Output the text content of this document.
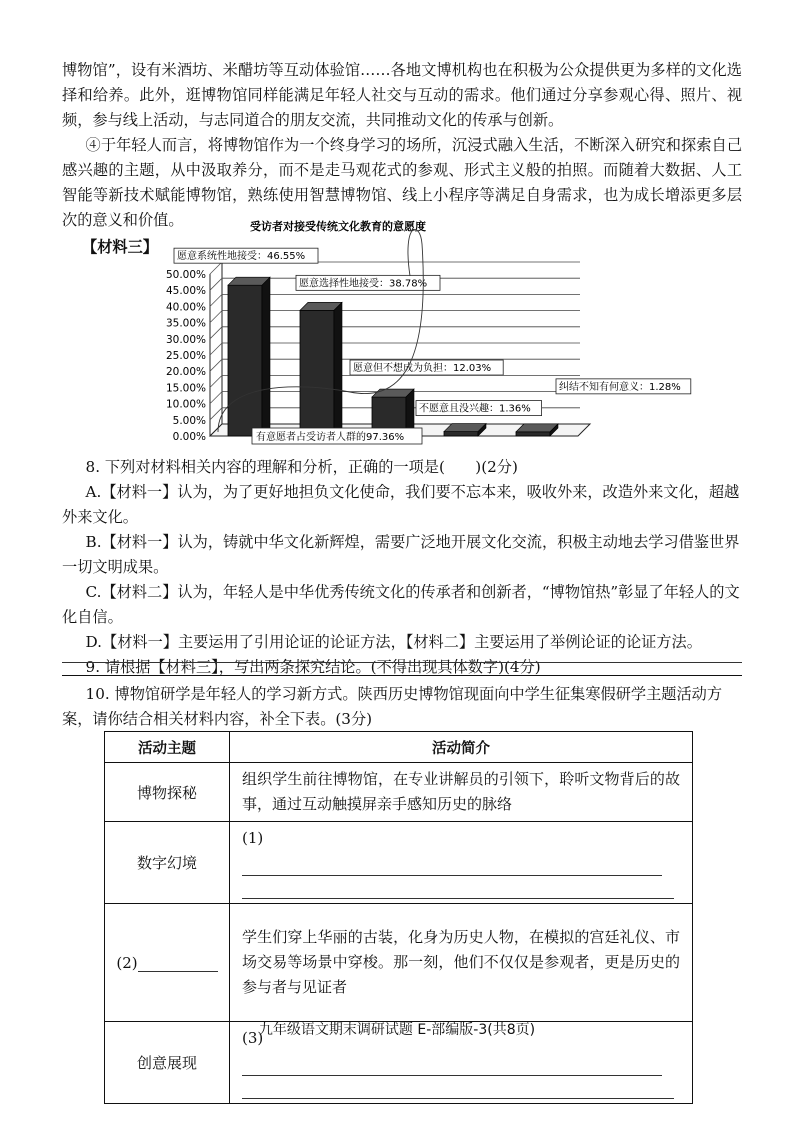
博物馆”，设有米酒坊、米醋坊等互动体验馆……各地文博机构也在积极为公众提供更为多样的文化选择和给养。此外，逛博物馆同样能满足年轻人社交与互动的需求。他们通过分享参观心得、照片、视频，参与线上活动，与志同道合的朋友交流，共同推动文化的传承与创新。

④于年轻人而言，将博物馆作为一个终身学习的场所，沉浸式融入生活，不断深入研究和探索自己感兴趣的主题，从中汲取养分，而不是走马观花式的参观、形式主义般的拍照。而随着大数据、人工智能等新技术赋能博物馆，熟练使用智慧博物馆、线上小程序等满足自身需求，也为成长增添更多层次的意义和价值。

【材料三】

受访者对接受传统文化教育的意愿度
0.00%
5.00%
10.00%
15.00%
20.00%
25.00%
30.00%
35.00%
40.00%
45.00%
50.00%
愿意系统性地接受：46.55%
愿意选择性地接受：38.78%
愿意但不想成为负担：12.03%
不愿意且没兴趣：1.36%
纠结不知有何意义：1.28%
有意愿者占受访者人群的97.36%

8. 下列对材料相关内容的理解和分析，正确的一项是(　　)(2分)

A.【材料一】认为，为了更好地担负文化使命，我们要不忘本来，吸收外来，改造外来文化，超越外来文化。

B.【材料一】认为，铸就中华文化新辉煌，需要广泛地开展文化交流，积极主动地去学习借鉴世界一切文明成果。

C.【材料二】认为，年轻人是中华优秀传统文化的传承者和创新者，“博物馆热”彰显了年轻人的文化自信。

D.【材料一】主要运用了引用论证的论证方法，【材料二】主要运用了举例论证的论证方法。

9. 请根据【材料三】，写出两条探究结论。(不得出现具体数字)(4分)

10. 博物馆研学是年轻人的学习新方式。陕西历史博物馆现面向中学生征集寒假研学主题活动方案，请你结合相关材料内容，补全下表。(3分)

活动主题	活动简介
博物探秘	组织学生前往博物馆，在专业讲解员的引领下，聆听文物背后的故事，通过互动触摸屏亲手感知历史的脉络
数字幻境	(1)

(2)	学生们穿上华丽的古装，化身为历史人物，在模拟的宫廷礼仪、市场交易等场景中穿梭。那一刻，他们不仅仅是参观者，更是历史的参与者与见证者
创意展现	(3)
九年级语文期末调研试题 E-部编版-3(共8页)
